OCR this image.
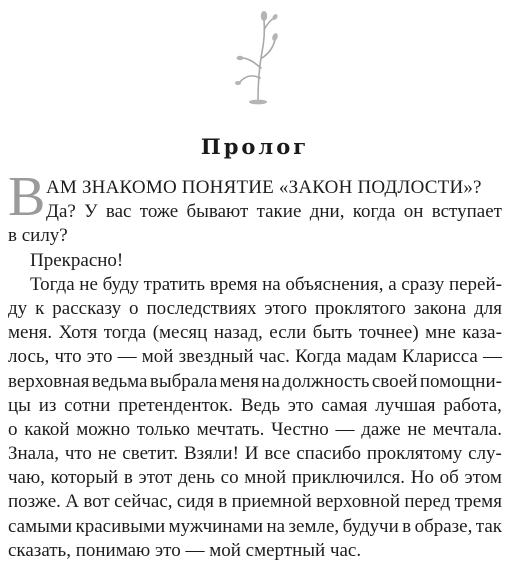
Пролог
В АМ ЗНАКОМО ПОНЯТИЕ «ЗАКОН ПОДЛОСТИ»?
Да? У вас тоже бывают такие дни, когда он вступает
в силу?
Прекрасно!
Тогда не буду тратить время на объяснения, а сразу перей-
ду к рассказу о последствиях этого проклятого закона для
меня. Хотя тогда (месяц назад, если быть точнее) мне каза-
лось, что это — мой звездный час. Когда мадам Кларисса —
верховная ведьма выбрала меня на должность своей помощни-
цы из сотни претенденток. Ведь это самая лучшая работа,
о какой можно только мечтать. Честно — даже не мечтала.
Знала, что не светит. Взяли! И все спасибо проклятому слу-
чаю, который в этот день со мной приключился. Но об этом
позже. А вот сейчас, сидя в приемной верховной перед тремя
самыми красивыми мужчинами на земле, будучи в образе, так
сказать, понимаю это — мой смертный час.
